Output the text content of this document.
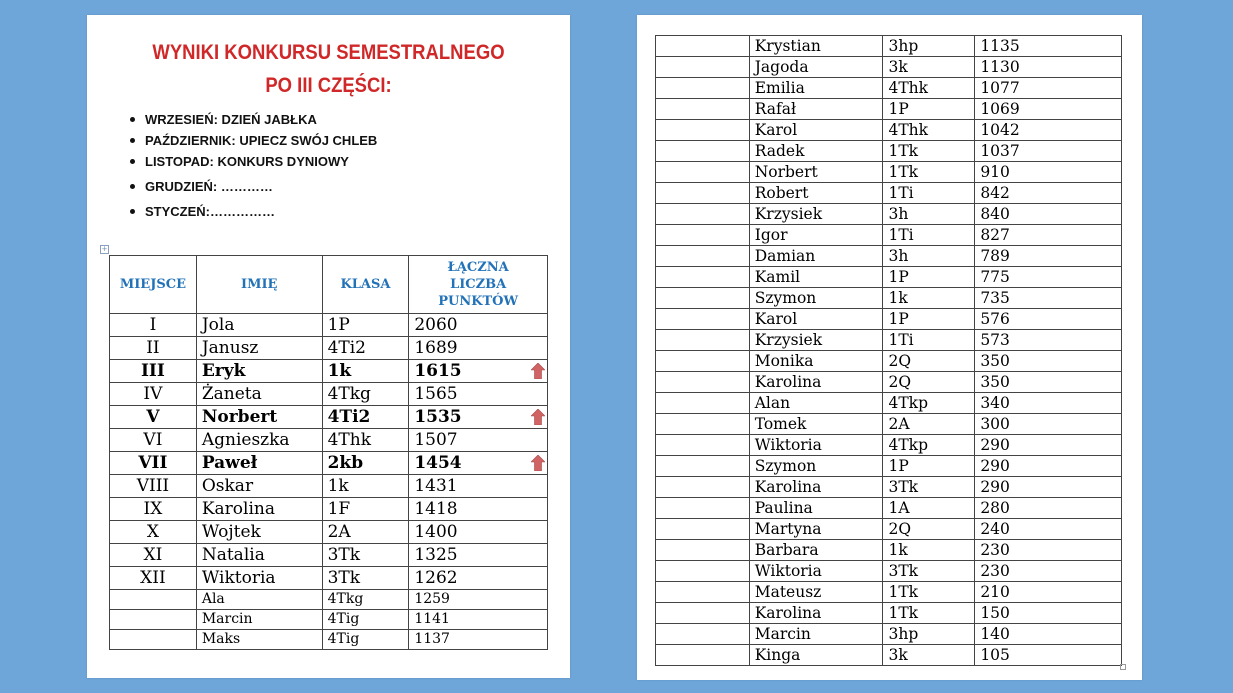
WYNIKI KONKURSU SEMESTRALNEGO
PO III CZĘŚCI:
WRZESIEŃ: DZIEŃ JABŁKA
PAŹDZIERNIK: UPIECZ SWÓJ CHLEB
LISTOPAD: KONKURS DYNIOWY
GRUDZIEŃ: …………
STYCZEŃ:……………
+
MIEJSCE	IMIĘ	KLASA	ŁĄCZNA LICZBA PUNKTÓW
I	Jola	1P	2060
II	Janusz	4Ti2	1689
III	Eryk	1k	1615

IV	Żaneta	4Tkg	1565
V	Norbert	4Ti2	1535

VI	Agnieszka	4Thk	1507
VII	Paweł	2kb	1454

VIII	Oskar	1k	1431
IX	Karolina	1F	1418
X	Wojtek	2A	1400
XI	Natalia	3Tk	1325
XII	Wiktoria	3Tk	1262
	Ala	4Tkg	1259
	Marcin	4Tig	1141
	Maks	4Tig	1137
	Krystian	3hp	1135
	Jagoda	3k	1130
	Emilia	4Thk	1077
	Rafał	1P	1069
	Karol	4Thk	1042
	Radek	1Tk	1037
	Norbert	1Tk	910
	Robert	1Ti	842
	Krzysiek	3h	840
	Igor	1Ti	827
	Damian	3h	789
	Kamil	1P	775
	Szymon	1k	735
	Karol	1P	576
	Krzysiek	1Ti	573
	Monika	2Q	350
	Karolina	2Q	350
	Alan	4Tkp	340
	Tomek	2A	300
	Wiktoria	4Tkp	290
	Szymon	1P	290
	Karolina	3Tk	290
	Paulina	1A	280
	Martyna	2Q	240
	Barbara	1k	230
	Wiktoria	3Tk	230
	Mateusz	1Tk	210
	Karolina	1Tk	150
	Marcin	3hp	140
	Kinga	3k	105
